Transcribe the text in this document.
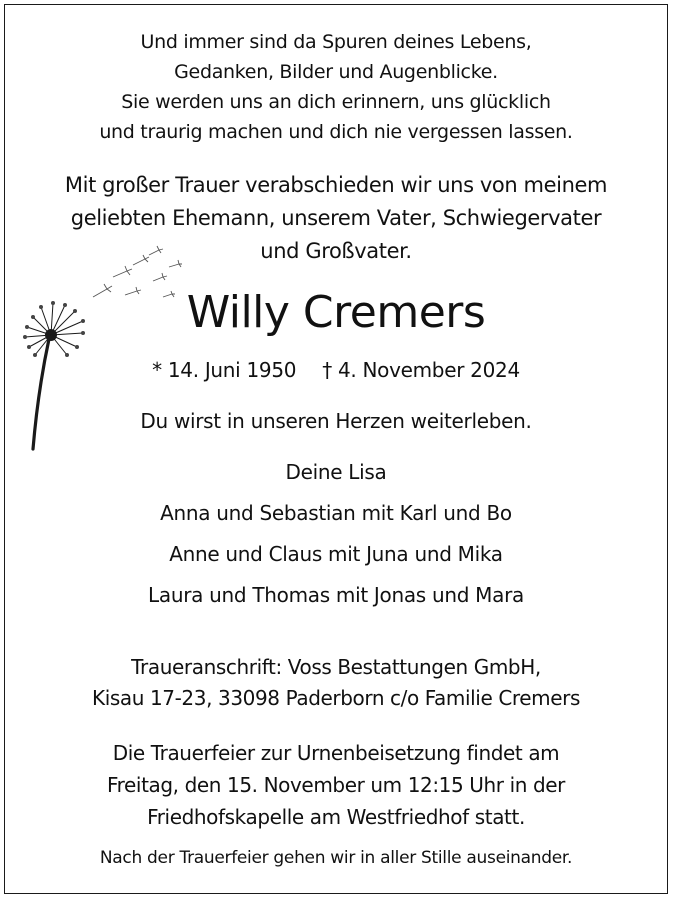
Und immer sind da Spuren deines Lebens,
Gedanken, Bilder und Augenblicke.
Sie werden uns an dich erinnern, uns glücklich
und traurig machen und dich nie vergessen lassen.
Mit großer Trauer verabschieden wir uns von meinem
geliebten Ehemann, unserem Vater, Schwiegervater
und Großvater.
Willy Cremers
* 14. Juni 1950 † 4. November 2024
Du wirst in unseren Herzen weiterleben.
Deine Lisa
Anna und Sebastian mit Karl und Bo
Anne und Claus mit Juna und Mika
Laura und Thomas mit Jonas und Mara
Traueranschrift: Voss Bestattungen GmbH,
Kisau 17-23, 33098 Paderborn c/o Familie Cremers
Die Trauerfeier zur Urnenbeisetzung findet am
Freitag, den 15. November um 12:15 Uhr in der
Friedhofskapelle am Westfriedhof statt.
Nach der Trauerfeier gehen wir in aller Stille auseinander.
